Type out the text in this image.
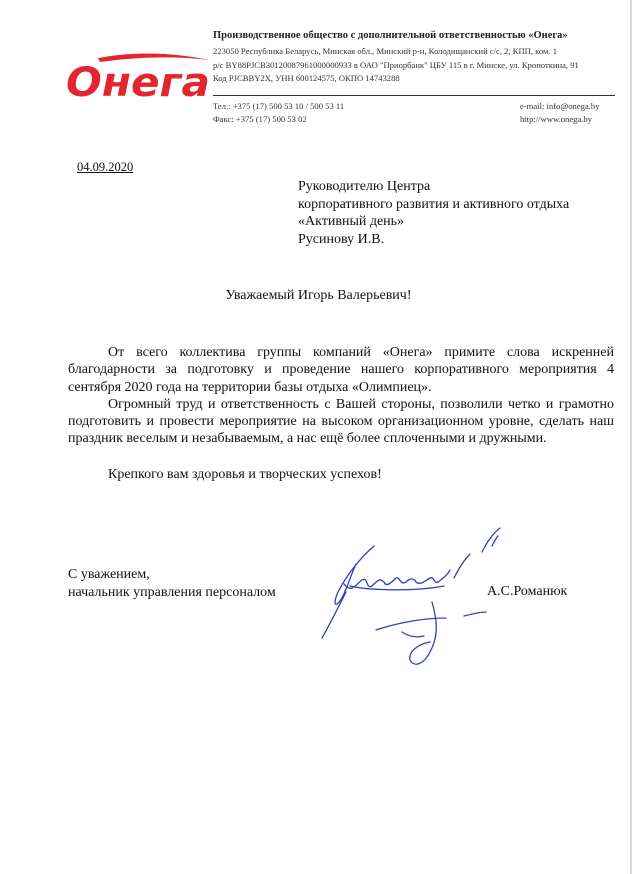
Онега
Производственное общество с дополнительной ответственностью «Онега»
223050 Республика Беларусь, Минская обл., Минский р-н, Колодищанский с/с, 2, КПП, ком. 1
р/с BY88PJCB30120087961000000933 в ОАО "Приорбанк" ЦБУ 115 в г. Минске, ул. Кропоткина, 91
Код PJCBBY2X, УНН 600124575, ОКПО 14743288
Тел.: +375 (17) 500 53 10 / 500 53 11
Факс: +375 (17) 500 53 02
e-mail: info@onega.by
http://www.onega.by
04.09.2020
Руководителю Центра
корпоративного развития и активного отдыха
«Активный день»
Русинову И.В.
Уважаемый Игорь Валерьевич!

От всего коллектива группы компаний «Онега» примите слова искренней благодарности за подготовку и проведение нашего корпоративного мероприятия 4 сентября 2020 года на территории базы отдыха «Олимпиец».

Огромный труд и ответственность с Вашей стороны, позволили четко и грамотно подготовить и провести мероприятие на высоком организационном уровне, сделать наш праздник веселым и незабываемым, а нас ещё более сплоченными и дружными.

Крепкого вам здоровья и творческих успехов!

С уважением,
начальник управления персоналом	А.С.Романюк
